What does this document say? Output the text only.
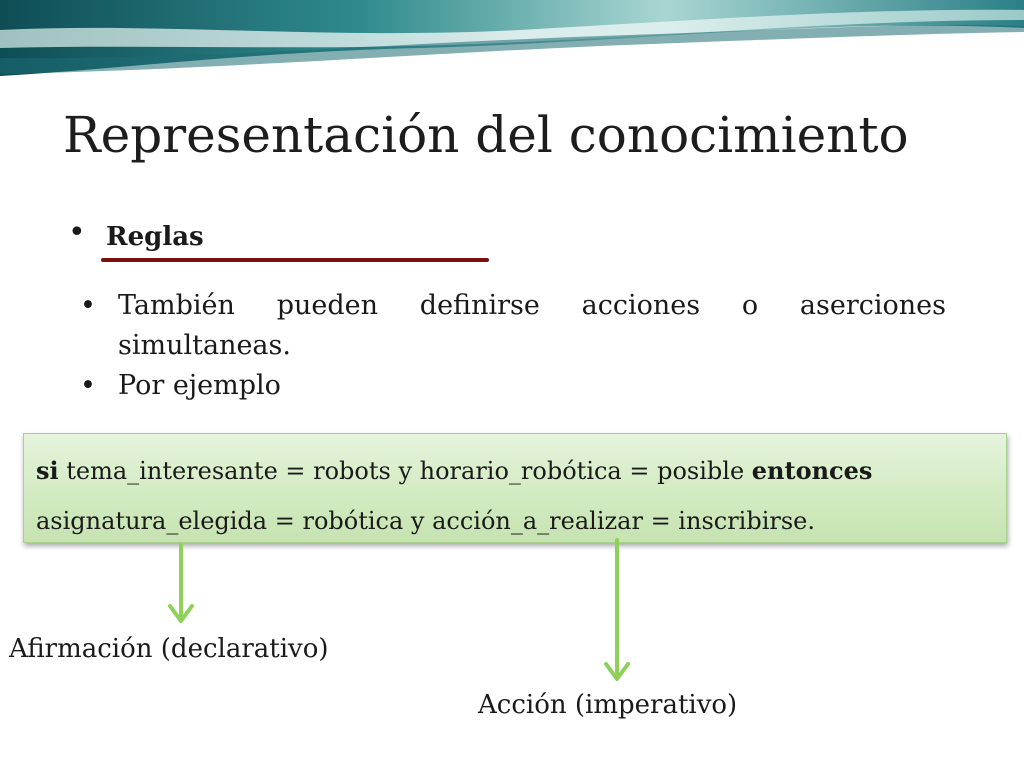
Representación del conocimiento
• Reglas
• También pueden definirse acciones o aserciones simultaneas.
• Por ejemplo
si tema_interesante = robots y horario_robótica = posible entonces
asignatura_elegida = robótica y acción_a_realizar = inscribirse.
Afirmación (declarativo)
Acción (imperativo)
